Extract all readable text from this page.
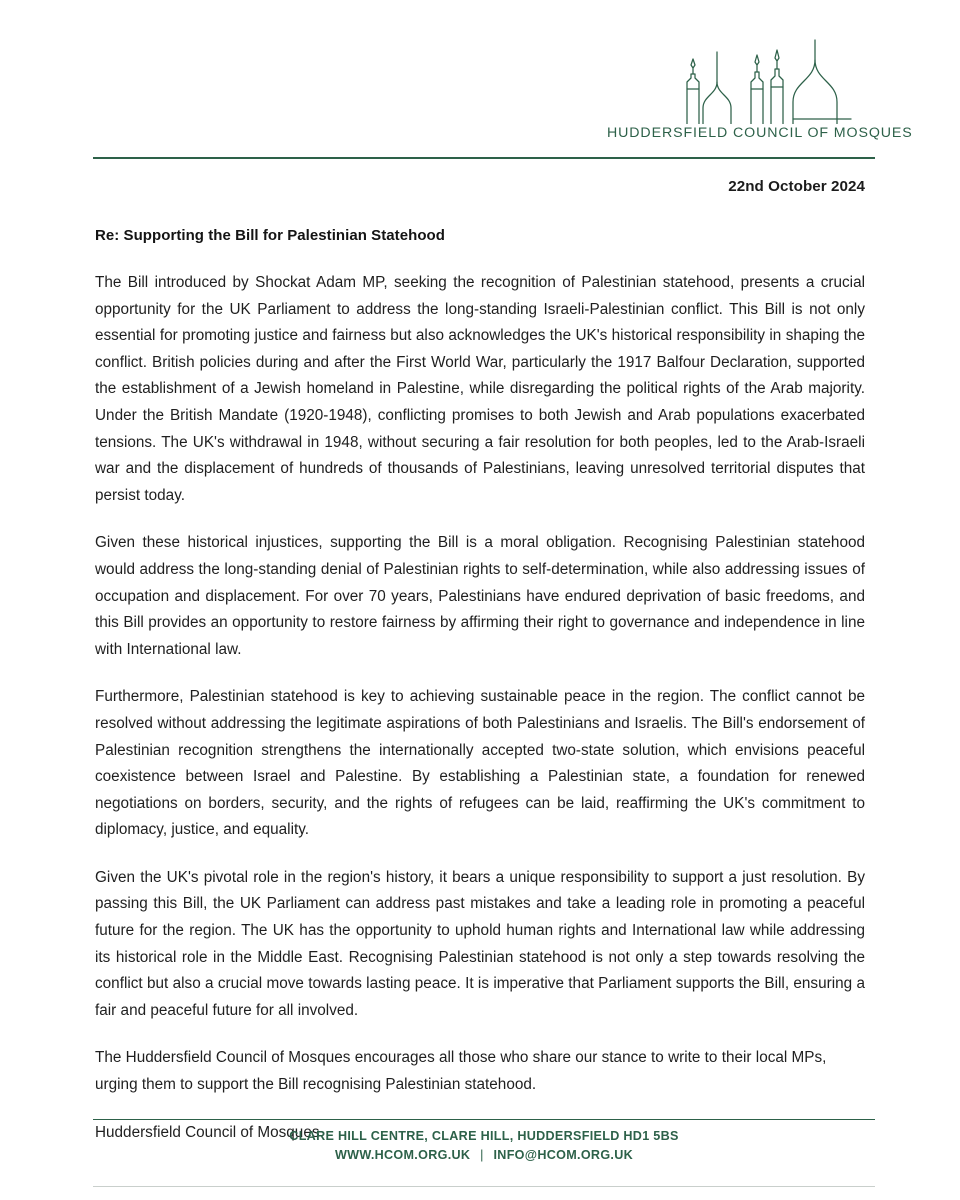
HUDDERSFIELD COUNCIL OF MOSQUES
22nd October 2024
Re: Supporting the Bill for Palestinian Statehood

The Bill introduced by Shockat Adam MP, seeking the recognition of Palestinian statehood, presents a crucial opportunity for the UK Parliament to address the long-standing Israeli-Palestinian conflict. This Bill is not only essential for promoting justice and fairness but also acknowledges the UK's historical responsibility in shaping the conflict. British policies during and after the First World War, particularly the 1917 Balfour Declaration, supported the establishment of a Jewish homeland in Palestine, while disregarding the political rights of the Arab majority. Under the British Mandate (1920-1948), conflicting promises to both Jewish and Arab populations exacerbated tensions. The UK's withdrawal in 1948, without securing a fair resolution for both peoples, led to the Arab-Israeli war and the displacement of hundreds of thousands of Palestinians, leaving unresolved territorial disputes that persist today.

Given these historical injustices, supporting the Bill is a moral obligation. Recognising Palestinian statehood would address the long-standing denial of Palestinian rights to self-determination, while also addressing issues of occupation and displacement. For over 70 years, Palestinians have endured deprivation of basic freedoms, and this Bill provides an opportunity to restore fairness by affirming their right to governance and independence in line with International law.

Furthermore, Palestinian statehood is key to achieving sustainable peace in the region. The conflict cannot be resolved without addressing the legitimate aspirations of both Palestinians and Israelis. The Bill's endorsement of Palestinian recognition strengthens the internationally accepted two-state solution, which envisions peaceful coexistence between Israel and Palestine. By establishing a Palestinian state, a foundation for renewed negotiations on borders, security, and the rights of refugees can be laid, reaffirming the UK's commitment to diplomacy, justice, and equality.

Given the UK's pivotal role in the region's history, it bears a unique responsibility to support a just resolution. By passing this Bill, the UK Parliament can address past mistakes and take a leading role in promoting a peaceful future for the region. The UK has the opportunity to uphold human rights and International law while addressing its historical role in the Middle East. Recognising Palestinian statehood is not only a step towards resolving the conflict but also a crucial move towards lasting peace. It is imperative that Parliament supports the Bill, ensuring a fair and peaceful future for all involved.

The Huddersfield Council of Mosques encourages all those who share our stance to write to their local MPs, urging them to support the Bill recognising Palestinian statehood.

Huddersfield Council of Mosques

CLARE HILL CENTRE, CLARE HILL, HUDDERSFIELD HD1 5BS
WWW.HCOM.ORG.UK | INFO@HCOM.ORG.UK
